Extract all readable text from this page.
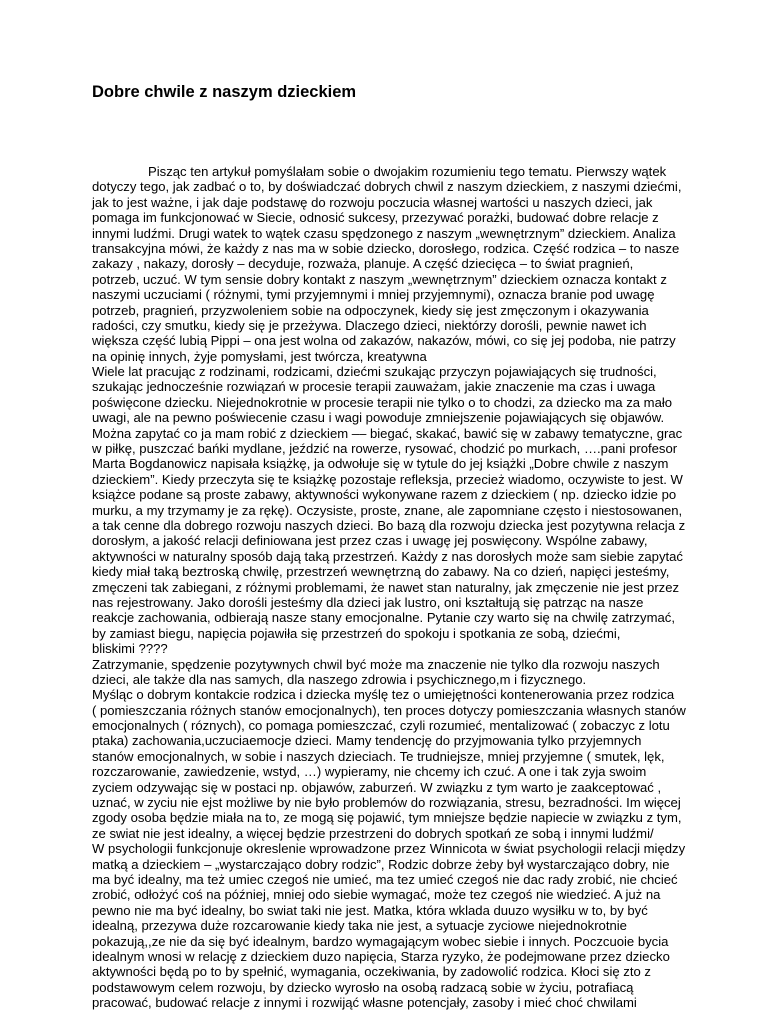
Dobre chwile z naszym dzieckiem
Pisząc ten artykuł pomyślałam sobie o dwojakim rozumieniu tego tematu. Pierwszy wątek
dotyczy tego, jak zadbać o to, by doświadczać dobrych chwil z naszym dzieckiem, z naszymi dziećmi,
jak to jest ważne, i jak daje podstawę do rozwoju poczucia własnej wartości u naszych dzieci, jak
pomaga im funkcjonować w Siecie, odnosić sukcesy, przezywać porażki, budować dobre relacje z
innymi ludźmi. Drugi watek to wątek czasu spędzonego z naszym „wewnętrznym” dzieckiem. Analiza
transakcyjna mówi, że każdy z nas ma w sobie dziecko, dorosłego, rodzica. Część rodzica – to nasze
zakazy , nakazy, dorosły – decyduje, rozważa, planuje. A część dziecięca – to świat pragnień,
potrzeb, uczuć. W tym sensie dobry kontakt z naszym „wewnętrznym” dzieckiem oznacza kontakt z
naszymi uczuciami ( różnymi, tymi przyjemnymi i mniej przyjemnymi), oznacza branie pod uwagę
potrzeb, pragnień, przyzwoleniem sobie na odpoczynek, kiedy się jest zmęczonym i okazywania
radości, czy smutku, kiedy się je przeżywa. Dlaczego dzieci, niektórzy dorośli, pewnie nawet ich
większa część lubią Pippi – ona jest wolna od zakazów, nakazów, mówi, co się jej podoba, nie patrzy
na opinię innych, żyje pomysłami, jest twórcza, kreatywna
Wiele lat pracując z rodzinami, rodzicami, dziećmi szukając przyczyn pojawiających się trudności,
szukając jednocześnie rozwiązań w procesie terapii zauważam, jakie znaczenie ma czas i uwaga
poświęcone dziecku. Niejednokrotnie w procesie terapii nie tylko o to chodzi, za dziecko ma za mało
uwagi, ale na pewno poświecenie czasu i wagi powoduje zmniejszenie pojawiających się objawów.
Można zapytać co ja mam robić z dzieckiem –– biegać, skakać, bawić się w zabawy tematyczne, grac
w piłkę, puszczać bańki mydlane, jeździć na rowerze, rysować, chodzić po murkach, ….pani profesor
Marta Bogdanowicz napisała książkę, ja odwołuje się w tytule do jej książki „Dobre chwile z naszym
dzieckiem”. Kiedy przeczyta się te książkę pozostaje refleksja, przecież wiadomo, oczywiste to jest. W
książce podane są proste zabawy, aktywności wykonywane razem z dzieckiem ( np. dziecko idzie po
murku, a my trzymamy je za rękę). Oczysiste, proste, znane, ale zapomniane często i niestosowanen,
a tak cenne dla dobrego rozwoju naszych dzieci. Bo bazą dla rozwoju dziecka jest pozytywna relacja z
dorosłym, a jakość relacji definiowana jest przez czas i uwagę jej poswięcony. Wspólne zabawy,
aktywności w naturalny sposób dają taką przestrzeń. Każdy z nas dorosłych może sam siebie zapytać
kiedy miał taką beztroską chwilę, przestrzeń wewnętrzną do zabawy. Na co dzień, napięci jesteśmy,
zmęczeni tak zabiegani, z różnymi problemami, że nawet stan naturalny, jak zmęczenie nie jest przez
nas rejestrowany. Jako dorośli jesteśmy dla dzieci jak lustro, oni kształtują się patrząc na nasze
reakcje zachowania, odbierają nasze stany emocjonalne. Pytanie czy warto się na chwilę zatrzymać,
by zamiast biegu, napięcia pojawiła się przestrzeń do spokoju i spotkania ze sobą, dziećmi,
bliskimi ????
Zatrzymanie, spędzenie pozytywnych chwil być może ma znaczenie nie tylko dla rozwoju naszych
dzieci, ale także dla nas samych, dla naszego zdrowia i psychicznego,m i fizycznego.
Myśląc o dobrym kontakcie rodzica i dziecka myślę tez o umiejętności kontenerowania przez rodzica
( pomieszczania różnych stanów emocjonalnych), ten proces dotyczy pomieszczania własnych stanów
emocjonalnych ( róznych), co pomaga pomieszczać, czyli rozumieć, mentalizować ( zobaczyc z lotu
ptaka) zachowania,uczuciaemocje dzieci. Mamy tendencję do przyjmowania tylko przyjemnych
stanów emocjonalnych, w sobie i naszych dzieciach. Te trudniejsze, mniej przyjemne ( smutek, lęk,
rozczarowanie, zawiedzenie, wstyd, …) wypieramy, nie chcemy ich czuć. A one i tak zyja swoim
zyciem odzywając się w postaci np. objawów, zaburzeń. W związku z tym warto je zaakceptować ,
uznać, w zyciu nie ejst możliwe by nie było problemów do rozwiązania, stresu, bezradności. Im więcej
zgody osoba będzie miała na to, ze mogą się pojawić, tym mniejsze będzie napiecie w związku z tym,
ze swiat nie jest idealny, a więcej będzie przestrzeni do dobrych spotkań ze sobą i innymi ludźmi/
W psychologii funkcjonuje okreslenie wprowadzone przez Winnicota w świat psychologii relacji między
matką a dzieckiem – „wystarczająco dobry rodzic”, Rodzic dobrze żeby był wystarczająco dobry, nie
ma być idealny, ma też umiec czegoś nie umieć, ma tez umieć czegoś nie dac rady zrobić, nie chcieć
zrobić, odłożyć coś na później, mniej odo siebie wymagać, może tez czegoś nie wiedzieć. A już na
pewno nie ma być idealny, bo swiat taki nie jest. Matka, która wklada duuzo wysiłku w to, by być
idealną, przezywa duże rozcarowanie kiedy taka nie jest, a sytuacje zyciowe niejednokrotnie
pokazują,,ze nie da się być idealnym, bardzo wymagającym wobec siebie i innych. Poczcuoie bycia
idealnym wnosi w relację z dzieckiem duzo napięcia, Starza ryzyko, że podejmowane przez dziecko
aktywności będą po to by spełnić, wymagania, oczekiwania, by zadowolić rodzica. Kłoci się zto z
podstawowym celem rozwoju, by dziecko wyrosło na osobą radzacą sobie w życiu, potrafiacą
pracować, budować relacje z innymi i rozwijąć własne potencjały, zasoby i mieć choć chwilami
